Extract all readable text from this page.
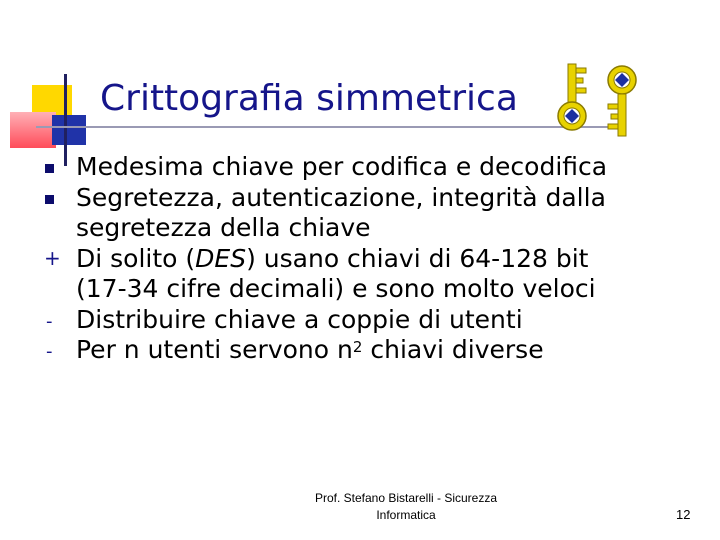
Crittografia simmetrica
Medesima chiave per codifica e decodifica
Segretezza, autenticazione, integrità dalla
segretezza della chiave
+
Di solito (DES) usano chiavi di 64-128 bit
(17-34 cifre decimali) e sono molto veloci
-
Distribuire chiave a coppie di utenti
-
Per n utenti servono $n^2$ chiavi diverse
Prof. Stefano Bistarelli - Sicurezza
Informatica	12
